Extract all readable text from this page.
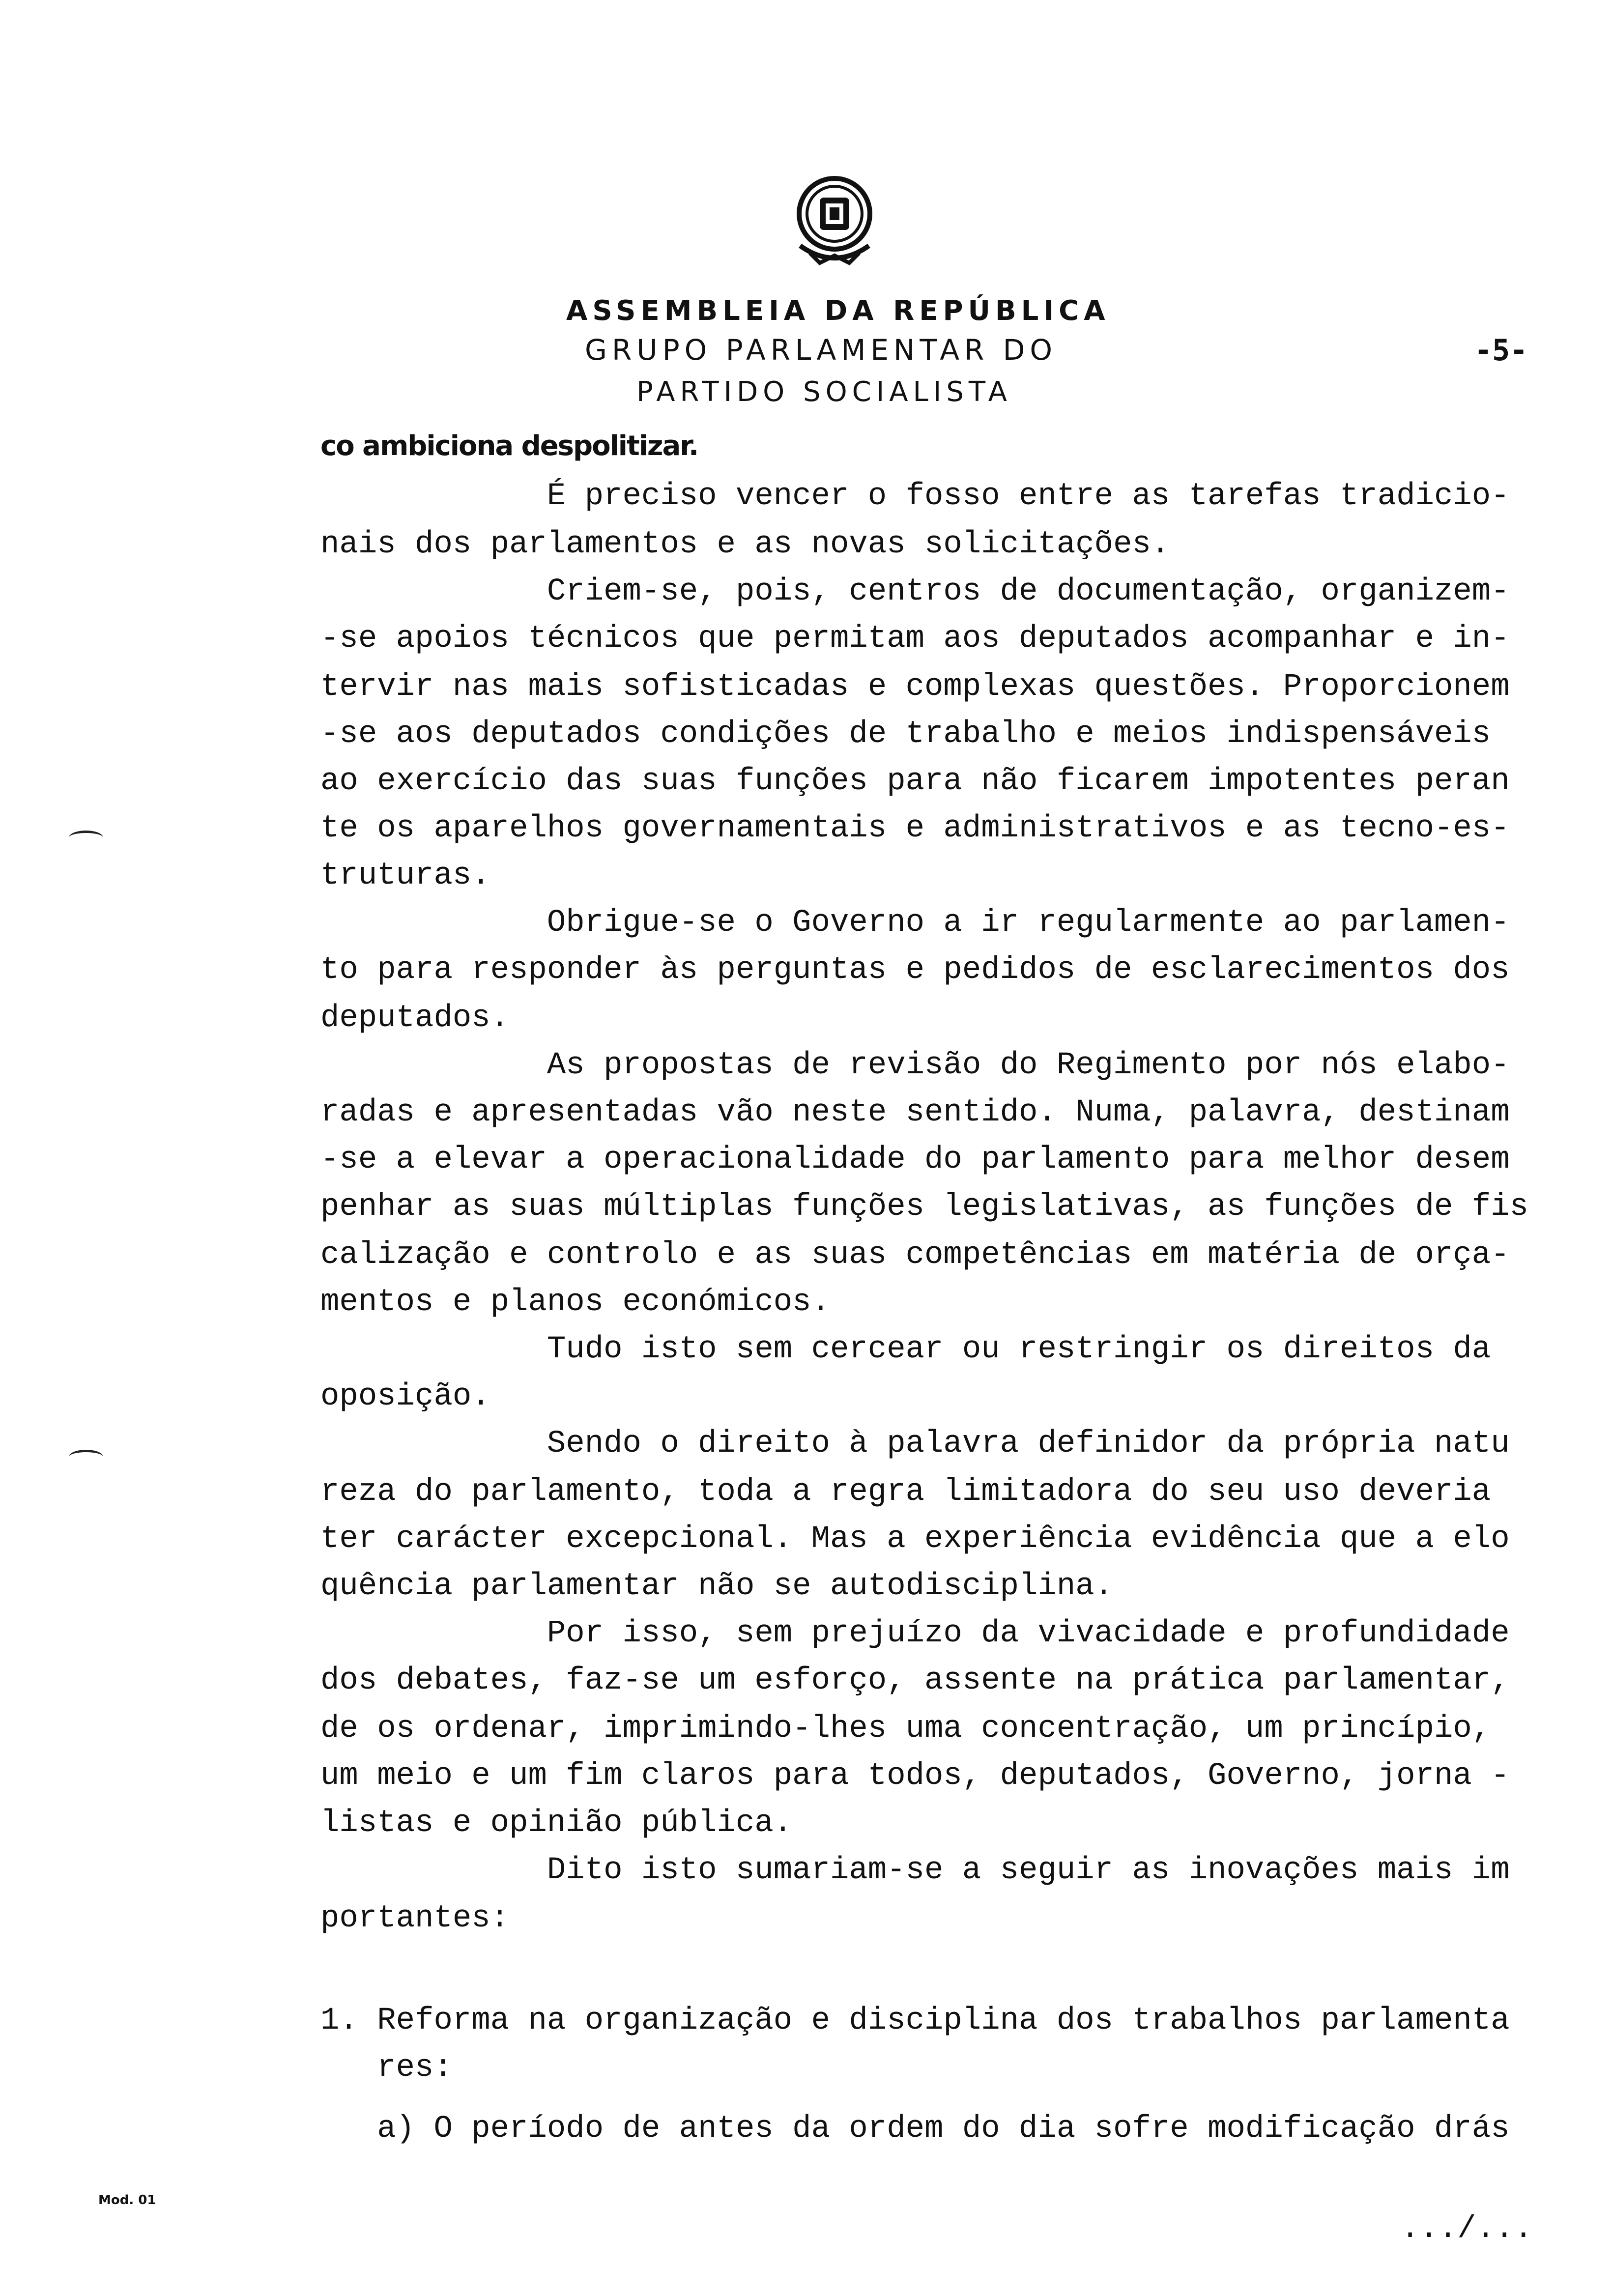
ASSEMBLEIA DA REPÚBLICA
GRUPO PARLAMENTAR DO
PARTIDO SOCIALISTA
-5-
co ambiciona despolitizar.
É preciso vencer o fosso entre as tarefas tradicio-
nais dos parlamentos e as novas solicitações.
Criem-se, pois, centros de documentação, organizem-
-se apoios técnicos que permitam aos deputados acompanhar e in-
tervir nas mais sofisticadas e complexas questões. Proporcionem
-se aos deputados condições de trabalho e meios indispensáveis
ao exercício das suas funções para não ficarem impotentes peran
te os aparelhos governamentais e administrativos e as tecno-es-
truturas.
Obrigue-se o Governo a ir regularmente ao parlamen-
to para responder às perguntas e pedidos de esclarecimentos dos
deputados.
As propostas de revisão do Regimento por nós elabo-
radas e apresentadas vão neste sentido. Numa, palavra, destinam
-se a elevar a operacionalidade do parlamento para melhor desem
penhar as suas múltiplas funções legislativas, as funções de fis
calização e controlo e as suas competências em matéria de orça-
mentos e planos económicos.
Tudo isto sem cercear ou restringir os direitos da
oposição.
Sendo o direito à palavra definidor da própria natu
reza do parlamento, toda a regra limitadora do seu uso deveria
ter carácter excepcional. Mas a experiência evidência que a elo
quência parlamentar não se autodisciplina.
Por isso, sem prejuízo da vivacidade e profundidade
dos debates, faz-se um esforço, assente na prática parlamentar,
de os ordenar, imprimindo-lhes uma concentração, um princípio,
um meio e um fim claros para todos, deputados, Governo, jorna -
listas e opinião pública.
Dito isto sumariam-se a seguir as inovações mais im
portantes:
1. Reforma na organização e disciplina dos trabalhos parlamenta
res:
a) O período de antes da ordem do dia sofre modificação drás
Mod. 01
.../...
